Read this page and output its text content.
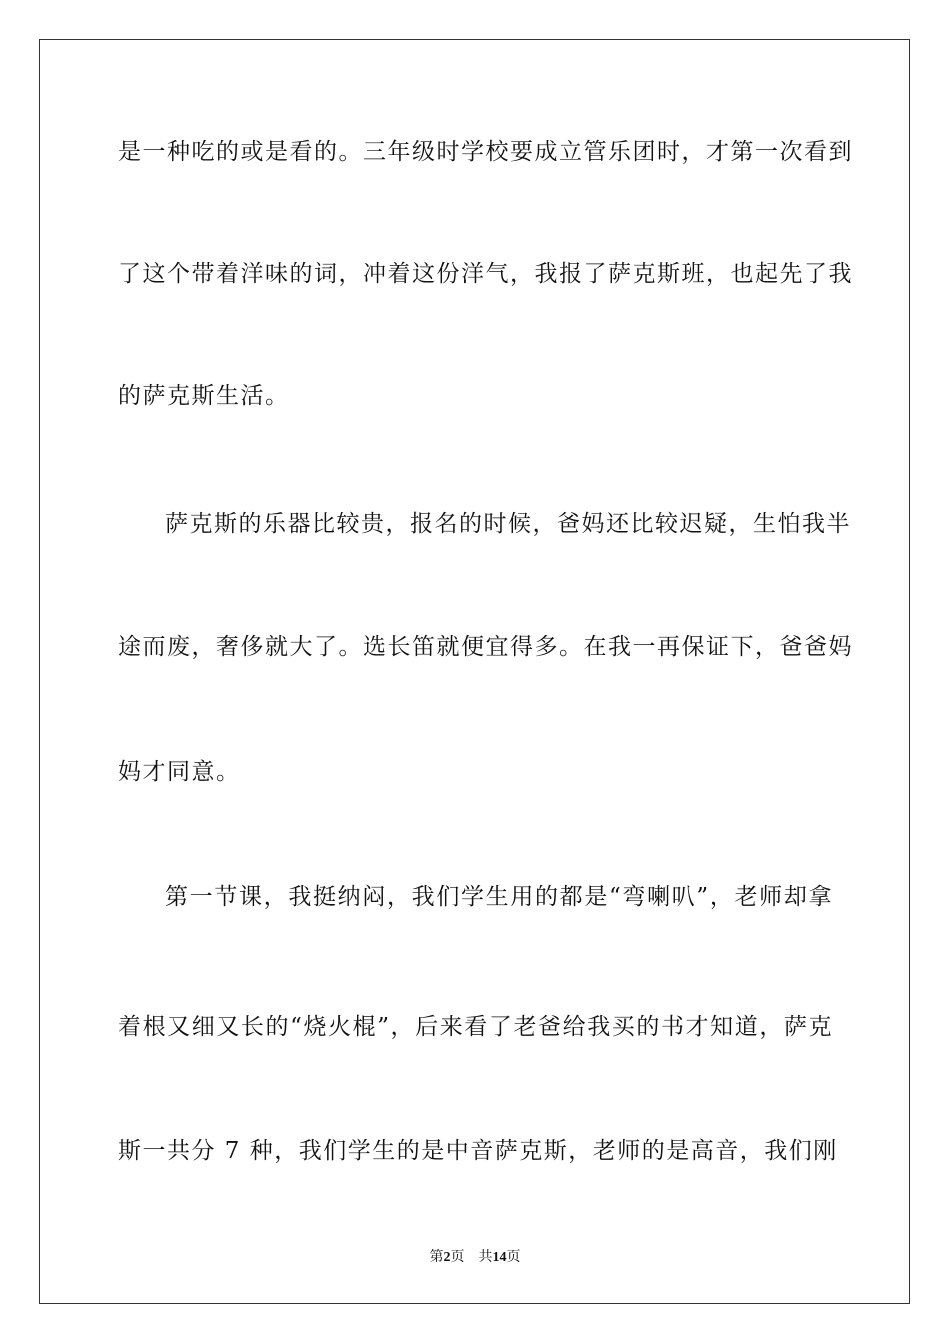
是一种吃的或是看的。三年级时学校要成立管乐团时，才第一次看到
了这个带着洋味的词，冲着这份洋气，我报了萨克斯班，也起先了我
的萨克斯生活。
萨克斯的乐器比较贵，报名的时候，爸妈还比较迟疑，生怕我半
途而废，奢侈就大了。选长笛就便宜得多。在我一再保证下，爸爸妈
妈才同意。
第一节课，我挺纳闷，我们学生用的都是“弯喇叭”，老师却拿
着根又细又长的“烧火棍”，后来看了老爸给我买的书才知道，萨克
斯一共分 7 种，我们学生的是中音萨克斯，老师的是高音，我们刚
第2页 共14页
